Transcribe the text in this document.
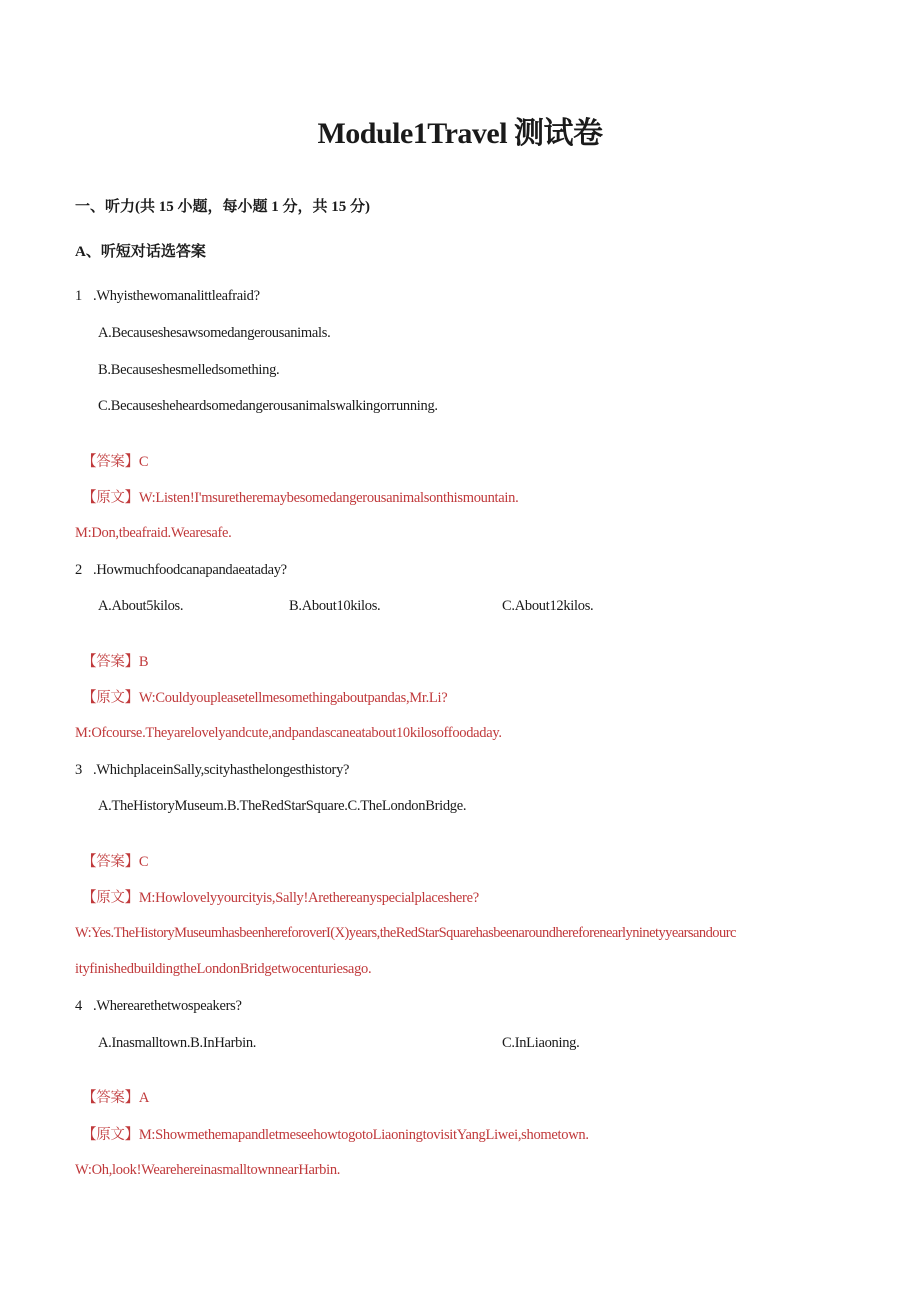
Module1Travel 测试卷
一、听力(共 15 小题，每小题 1 分，共 15 分)
A、听短对话选答案
1 .Whyisthewomanalittleafraid?
A.Becauseshesawsomedangerousanimals.
B.Becauseshesmelledsomething.
C.Becausesheheardsomedangerousanimalswalkingorrunning.
【答案】C
【原文】W:Listen!I'msuretheremaybesomedangerousanimalsonthismountain.
M:Don,tbeafraid.Wearesafe.
2 .Howmuchfoodcanapandaeataday?
A.About5kilos.	B.About10kilos.	C.About12kilos.
【答案】B
【原文】W:Couldyoupleasetellmesomethingaboutpandas,Mr.Li?
M:Ofcourse.Theyarelovelyandcute,andpandascaneatabout10kilosoffoodaday.
3 .WhichplaceinSally,scityhasthelongesthistory?
A.TheHistoryMuseum.B.TheRedStarSquare.C.TheLondonBridge.
【答案】C
【原文】M:Howlovelyyourcityis,Sally!Arethereanyspecialplaceshere?
W:Yes.TheHistoryMuseumhasbeenhereforoverI(X)years,theRedStarSquarehasbeenaroundhereforenearlyninetyyearsandourc
ityfinishedbuildingtheLondonBridgetwocenturiesago.
4 .Wherearethetwospeakers?
A.Inasmalltown.B.InHarbin.	C.InLiaoning.
【答案】A
【原文】M:ShowmethemapandletmeseehowtogotoLiaoningtovisitYangLiwei,shometown.
W:Oh,look!WearehereinasmalltownnearHarbin.
